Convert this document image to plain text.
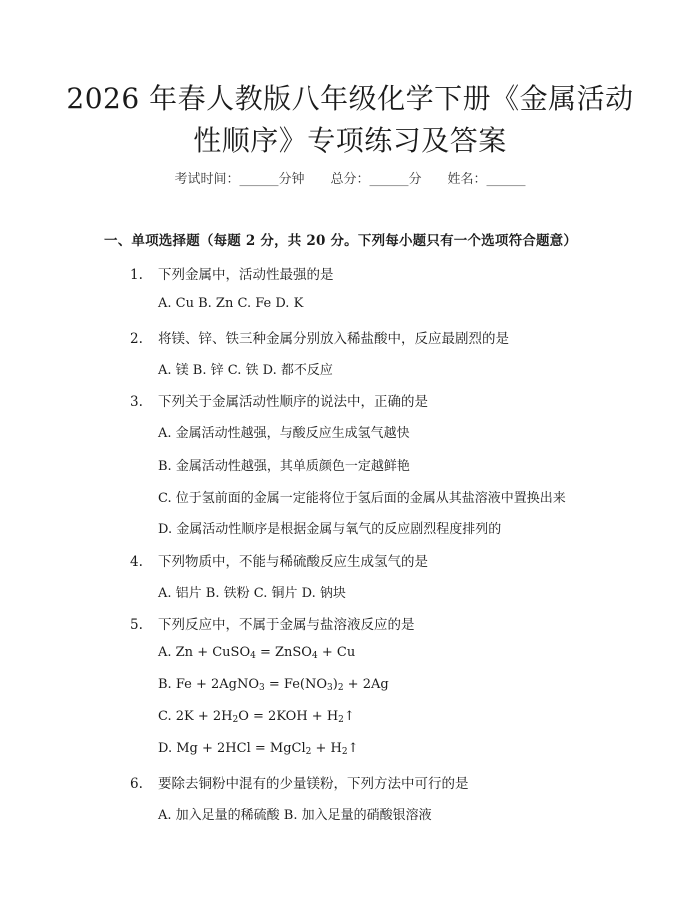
2026 年春人教版八年级化学下册《金属活动
性顺序》专项练习及答案
考试时间：______分钟 总分：______分 姓名：______
一、单项选择题（每题 2 分，共 20 分。下列每小题只有一个选项符合题意）
1. 下列金属中，活动性最强的是
A. Cu B. Zn C. Fe D. K
2. 将镁、锌、铁三种金属分别放入稀盐酸中，反应最剧烈的是
A. 镁 B. 锌 C. 铁 D. 都不反应
3. 下列关于金属活动性顺序的说法中，正确的是
A. 金属活动性越强，与酸反应生成氢气越快
B. 金属活动性越强，其单质颜色一定越鲜艳
C. 位于氢前面的金属一定能将位于氢后面的金属从其盐溶液中置换出来
D. 金属活动性顺序是根据金属与氧气的反应剧烈程度排列的
4. 下列物质中，不能与稀硫酸反应生成氢气的是
A. 铝片 B. 铁粉 C. 铜片 D. 钠块
5. 下列反应中，不属于金属与盐溶液反应的是
A. Zn + CuSO$_4$ = ZnSO$_4$ + Cu
B. Fe + 2AgNO$_3$ = $Fe(NO_3)_2 + 2Ag$
C. $2K + 2H_2O = 2KOH$ + $H_2↑$
D. Mg + 2HCl = MgCl$_2$ + $H_2↑$
6. 要除去铜粉中混有的少量镁粉，下列方法中可行的是
A. 加入足量的稀硫酸 B. 加入足量的硝酸银溶液
